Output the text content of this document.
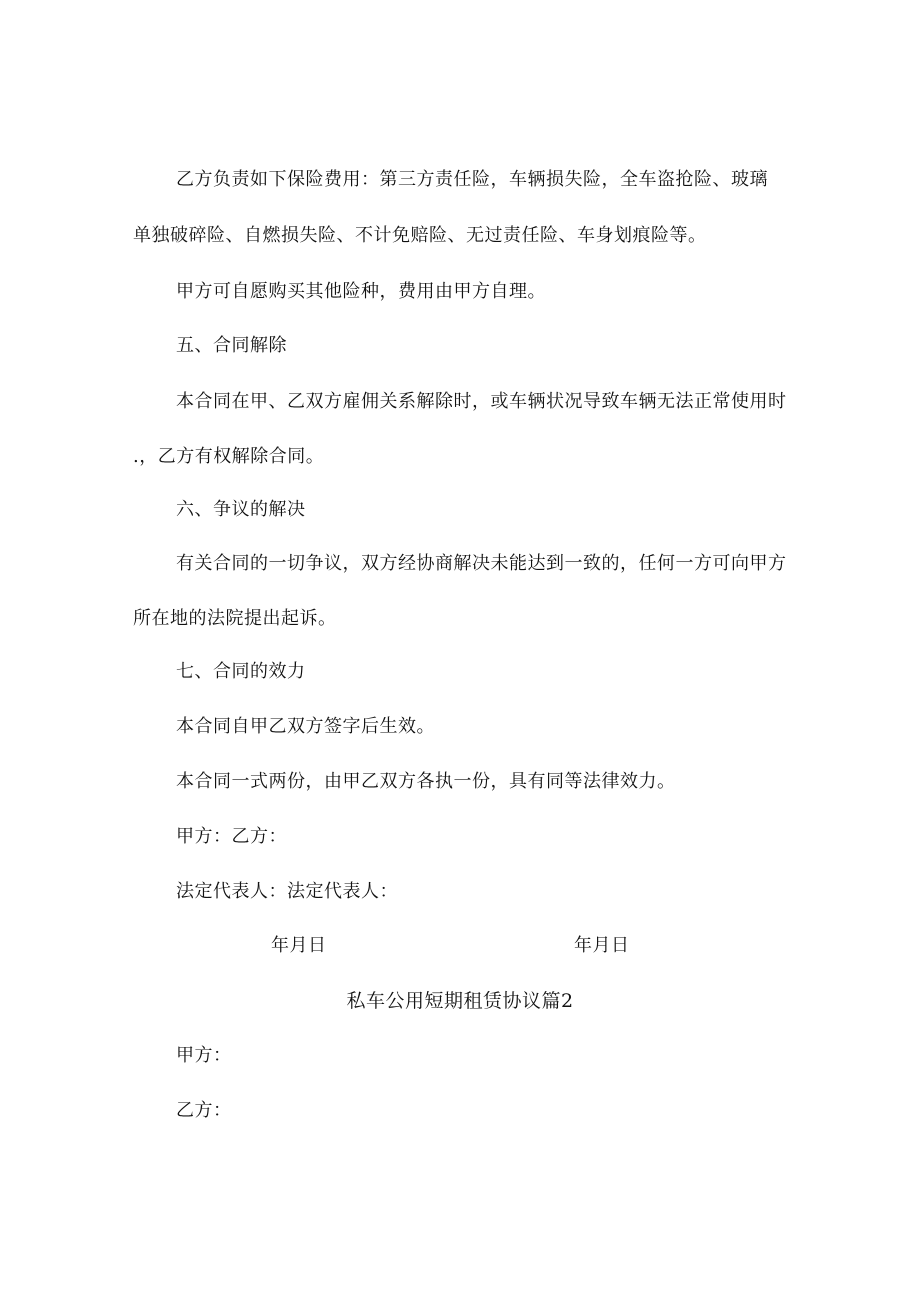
乙方负责如下保险费用：第三方责任险，车辆损失险，全车盗抢险、玻璃
单独破碎险、自燃损失险、不计免赔险、无过责任险、车身划痕险等。
甲方可自愿购买其他险种，费用由甲方自理。
五、合同解除
本合同在甲、乙双方雇佣关系解除时，或车辆状况导致车辆无法正常使用时
.，乙方有权解除合同。
六、争议的解决
有关合同的一切争议，双方经协商解决未能达到一致的，任何一方可向甲方
所在地的法院提出起诉。
七、合同的效力
本合同自甲乙双方签字后生效。
本合同一式两份，由甲乙双方各执一份，具有同等法律效力。
甲方：乙方：
法定代表人：法定代表人：
年月日	年月日
私车公用短期租赁协议篇2
甲方：
乙方：
